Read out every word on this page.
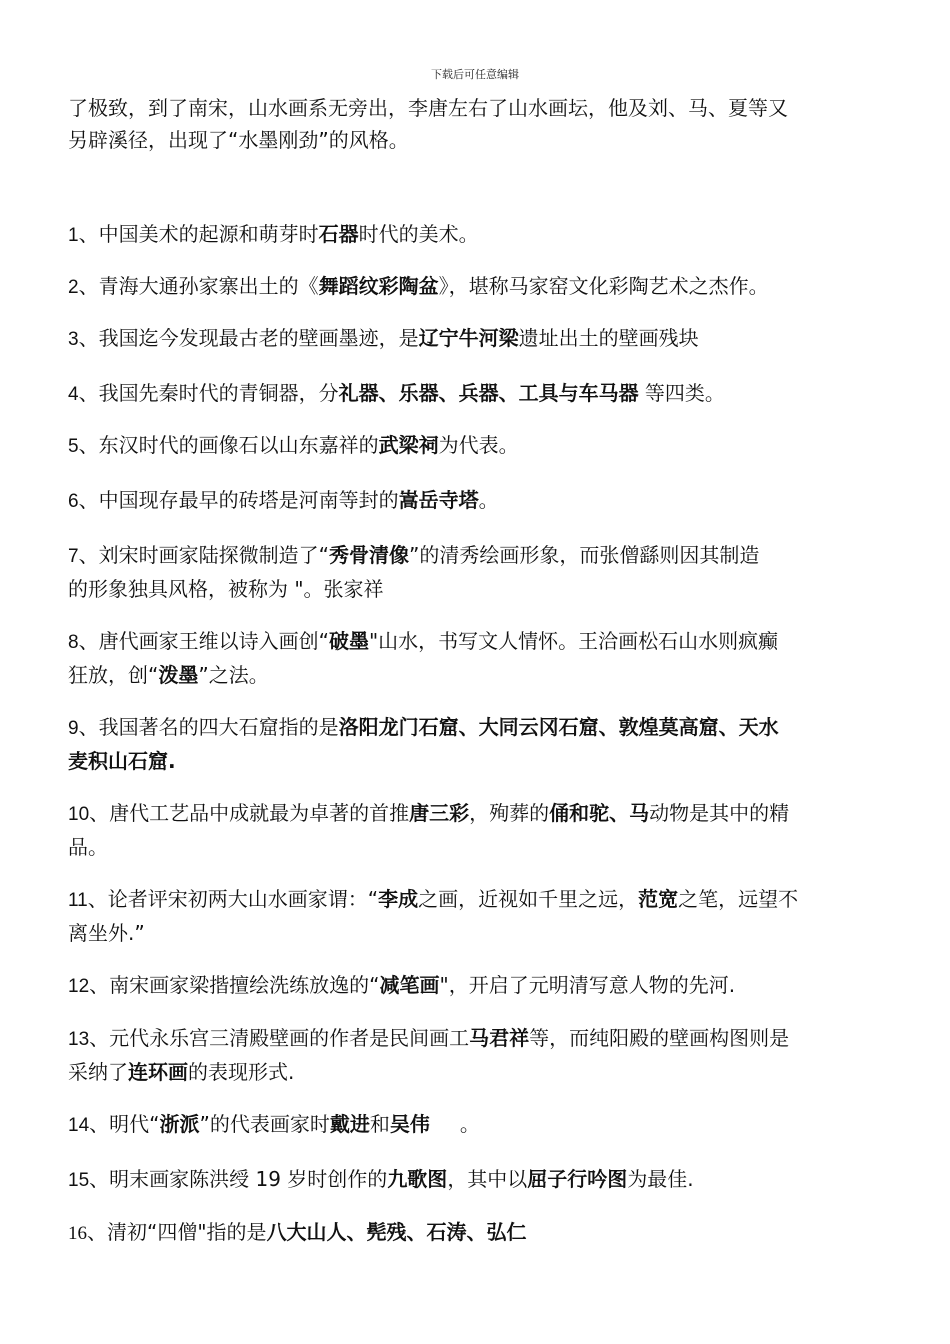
下载后可任意编辑

了极致，到了南宋，山水画系无旁出，李唐左右了山水画坛，他及刘、马、夏等又
另辟溪径，出现了“水墨刚劲”的风格。

1、中国美术的起源和萌芽时石器时代的美术。

2、青海大通孙家寨出土的《舞蹈纹彩陶盆》，堪称马家窑文化彩陶艺术之杰作。

3、我国迄今发现最古老的壁画墨迹，是辽宁牛河梁遗址出土的壁画残块

4、我国先秦时代的青铜器，分礼器、乐器、兵器、工具与车马器 等四类。

5、东汉时代的画像石以山东嘉祥的武梁祠为代表。

6、中国现存最早的砖塔是河南等封的嵩岳寺塔。

7、刘宋时画家陆探微制造了“秀骨清像”的清秀绘画形象，而张僧繇则因其制造
的形象独具风格，被称为 "。张家祥

8、唐代画家王维以诗入画创“破墨"山水，书写文人情怀。王洽画松石山水则疯癫
狂放，创“泼墨”之法。

9、我国著名的四大石窟指的是洛阳龙门石窟、大同云冈石窟、敦煌莫高窟、天水
麦积山石窟.

10、唐代工艺品中成就最为卓著的首推唐三彩，殉葬的俑和驼、马动物是其中的精
品。

11、论者评宋初两大山水画家谓：“李成之画，近视如千里之远，范宽之笔，远望不
离坐外.”

12、南宋画家梁揩擅绘洗练放逸的“减笔画"，开启了元明清写意人物的先河.

13、元代永乐宫三清殿壁画的作者是民间画工马君祥等，而纯阳殿的壁画构图则是
采纳了连环画的表现形式.

14、明代“浙派”的代表画家时戴进和吴伟 。

15、明末画家陈洪绶 19 岁时创作的九歌图，其中以屈子行吟图为最佳.

16、清初“四僧"指的是八大山人、髡残、石涛、弘仁
